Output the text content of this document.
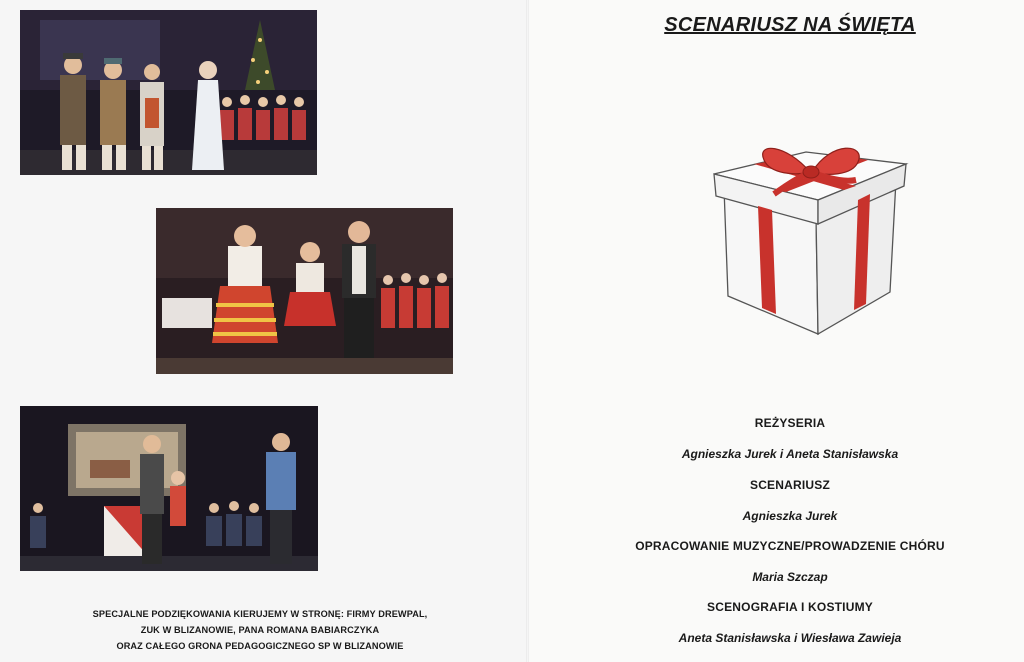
SPECJALNE PODZIĘKOWANIA KIERUJEMY W STRONĘ: FIRMY DREWPAL,
ZUK W BLIZANOWIE, PANA ROMANA BABIARCZYKA
ORAZ CAŁEGO GRONA PEDAGOGICZNEGO SP W BLIZANOWIE
SCENARIUSZ NA ŚWIĘTA
REŻYSERIA
Agnieszka Jurek i Aneta Stanisławska
SCENARIUSZ
Agnieszka Jurek
OPRACOWANIE MUZYCZNE/PROWADZENIE CHÓRU
Maria Szczap
SCENOGRAFIA I KOSTIUMY
Aneta Stanisławska i Wiesława Zawieja
